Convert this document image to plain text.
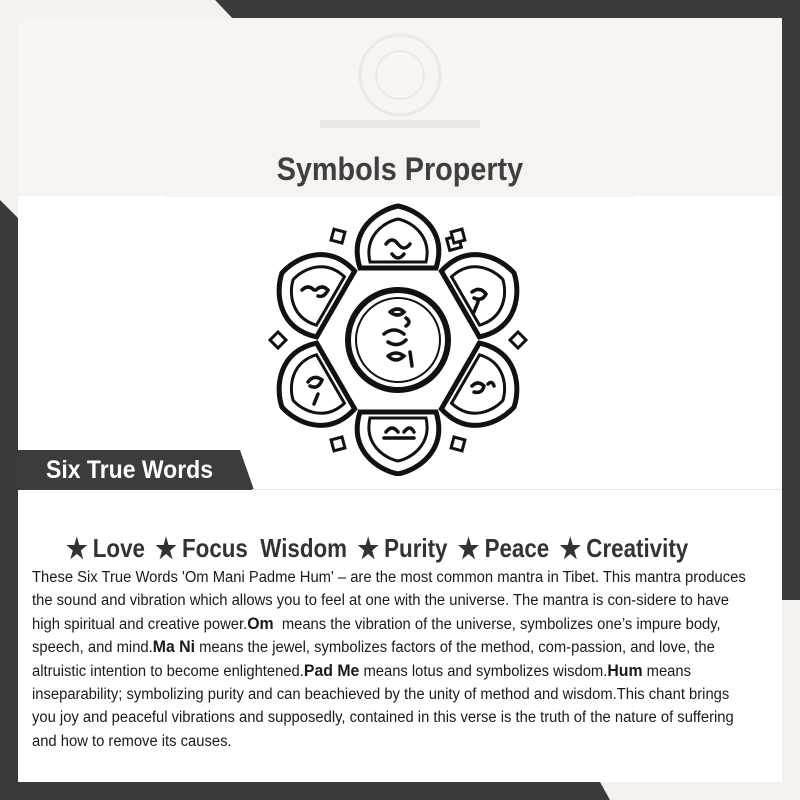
Symbols Property
Six True Words
★ Love ★ Focus  Wisdom ★ Purity ★ Peace ★ Creativity
These Six True Words 'Om Mani Padme Hum' – are the most common mantra in Tibet. This mantra produces the sound and vibration which allows you to feel at one with the universe. The mantra is con-sidere to have high spiritual and creative power.Om  means the vibration of the universe, symbolizes one’s impure body, speech, and mind.Ma Ni means the jewel, symbolizes factors of the method, com-passion, and love, the altruistic intention to become enlightened.Pad Me means lotus and symbolizes wisdom.Hum means inseparability; symbolizing purity and can beachieved by the unity of method and wisdom.This chant brings you joy and peaceful vibrations and supposedly, contained in this verse is the truth of the nature of suffering and how to remove its causes.
